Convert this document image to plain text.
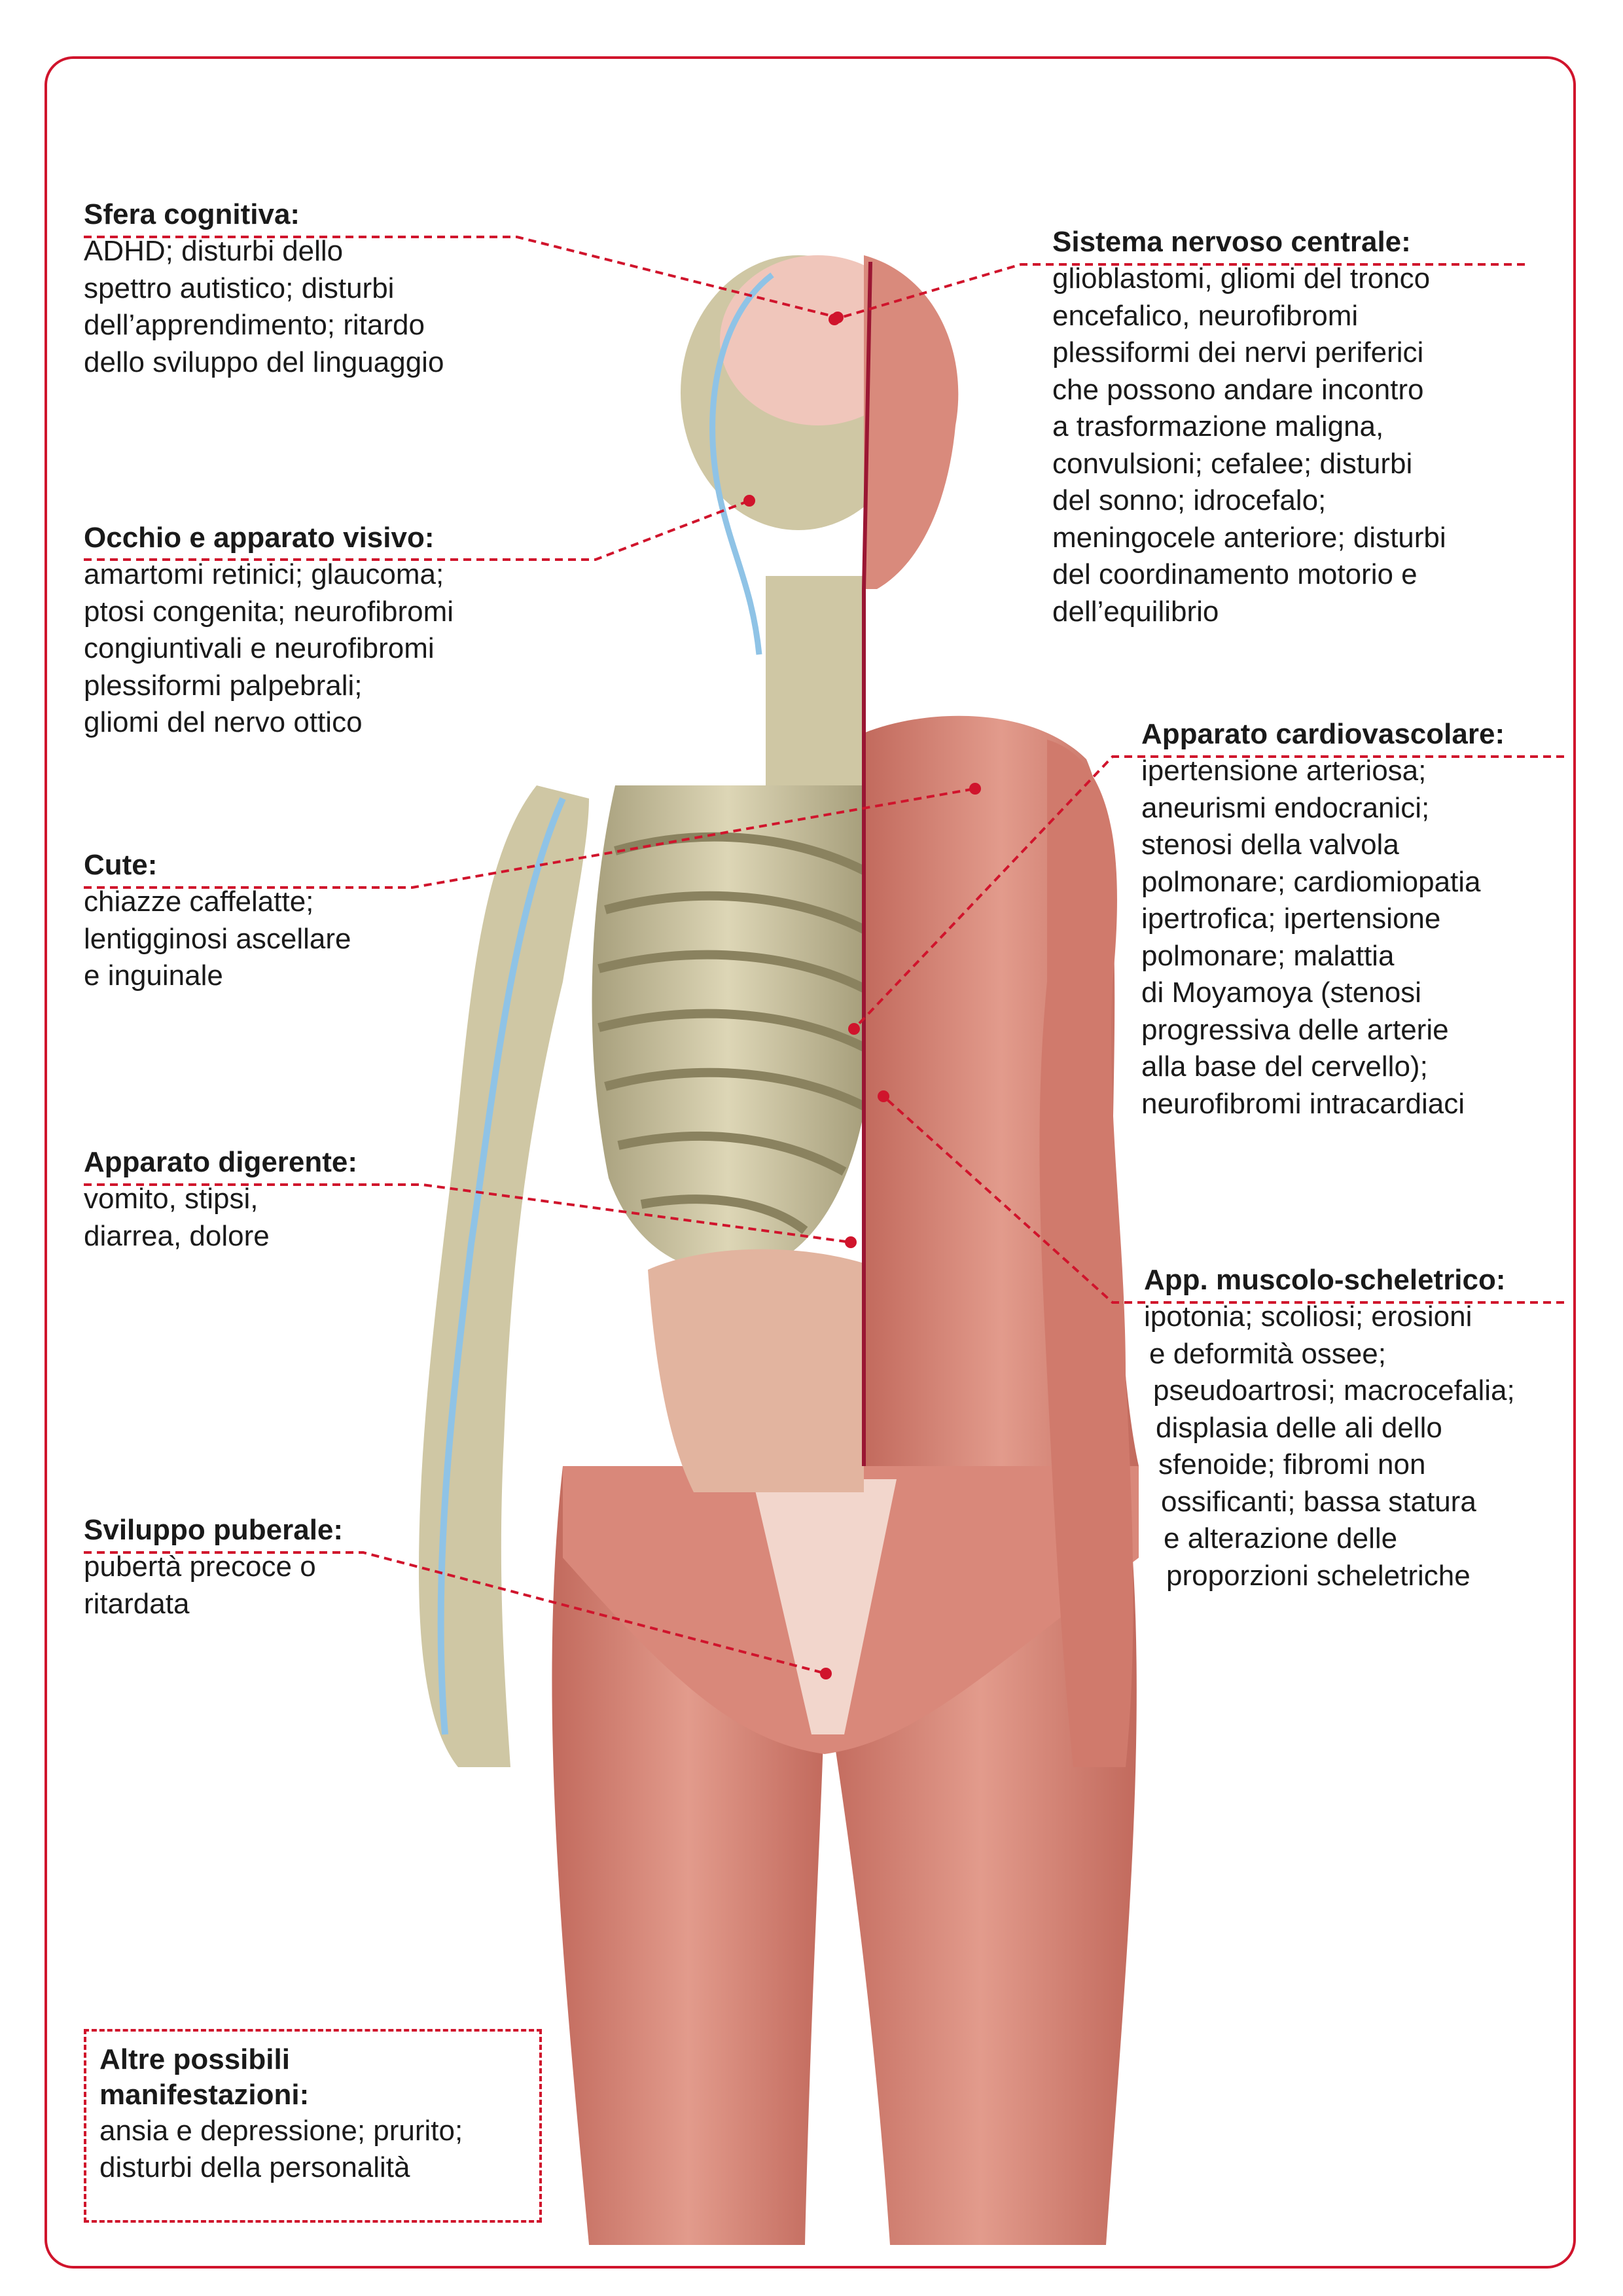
Sfera cognitiva:

ADHD; disturbi dello

spettro autistico; disturbi

dell’apprendimento; ritardo

dello sviluppo del linguaggio

Occhio e apparato visivo:

amartomi retinici; glaucoma;

ptosi congenita; neurofibromi

congiuntivali e neurofibromi

plessiformi palpebrali;

gliomi del nervo ottico

Cute:

chiazze caffelatte;

lentigginosi ascellare

e inguinale

Apparato digerente:

vomito, stipsi,

diarrea, dolore

Sviluppo puberale:

pubertà precoce o

ritardata

Sistema nervoso centrale:

glioblastomi, gliomi del tronco

encefalico, neurofibromi

plessiformi dei nervi periferici

che possono andare incontro

a trasformazione maligna,

convulsioni; cefalee; disturbi

del sonno; idrocefalo;

meningocele anteriore; disturbi

del coordinamento motorio e

dell’equilibrio

Apparato cardiovascolare:

ipertensione arteriosa;

aneurismi endocranici;

stenosi della valvola

polmonare; cardiomiopatia

ipertrofica; ipertensione

polmonare; malattia

di Moyamoya (stenosi

progressiva delle arterie

alla base del cervello);

neurofibromi intracardiaci

App. muscolo-scheletrico:

ipotonia; scoliosi; erosioni

e deformità ossee;

pseudoartrosi; macrocefalia;

displasia delle ali dello

sfenoide; fibromi non

ossificanti; bassa statura

e alterazione delle

proporzioni scheletriche

Altre possibili

manifestazioni:

ansia e depressione; prurito;

disturbi della personalità
